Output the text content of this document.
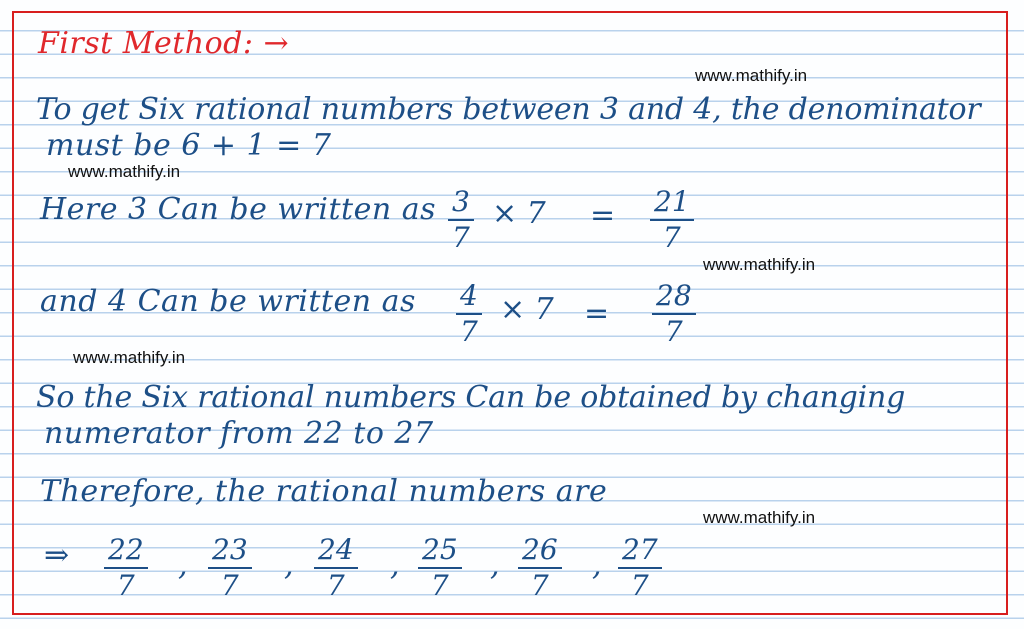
First Method: →
www.mathify.in
www.mathify.in
www.mathify.in
www.mathify.in
www.mathify.in
To get Six rational numbers between 3 and 4, the denominator
must be 6 + 1 = 7
Here 3 Can be written as 3
7
× 7 = 21
7
and 4 Can be written as 4
7
× 7 =
28
7
So the Six rational numbers Can be obtained by changing
numerator from 22 to 27
Therefore, the rational numbers are
⇒ 22
7
, 23
7
, 24
7
, 25
7
, 26
7
, 27
7
